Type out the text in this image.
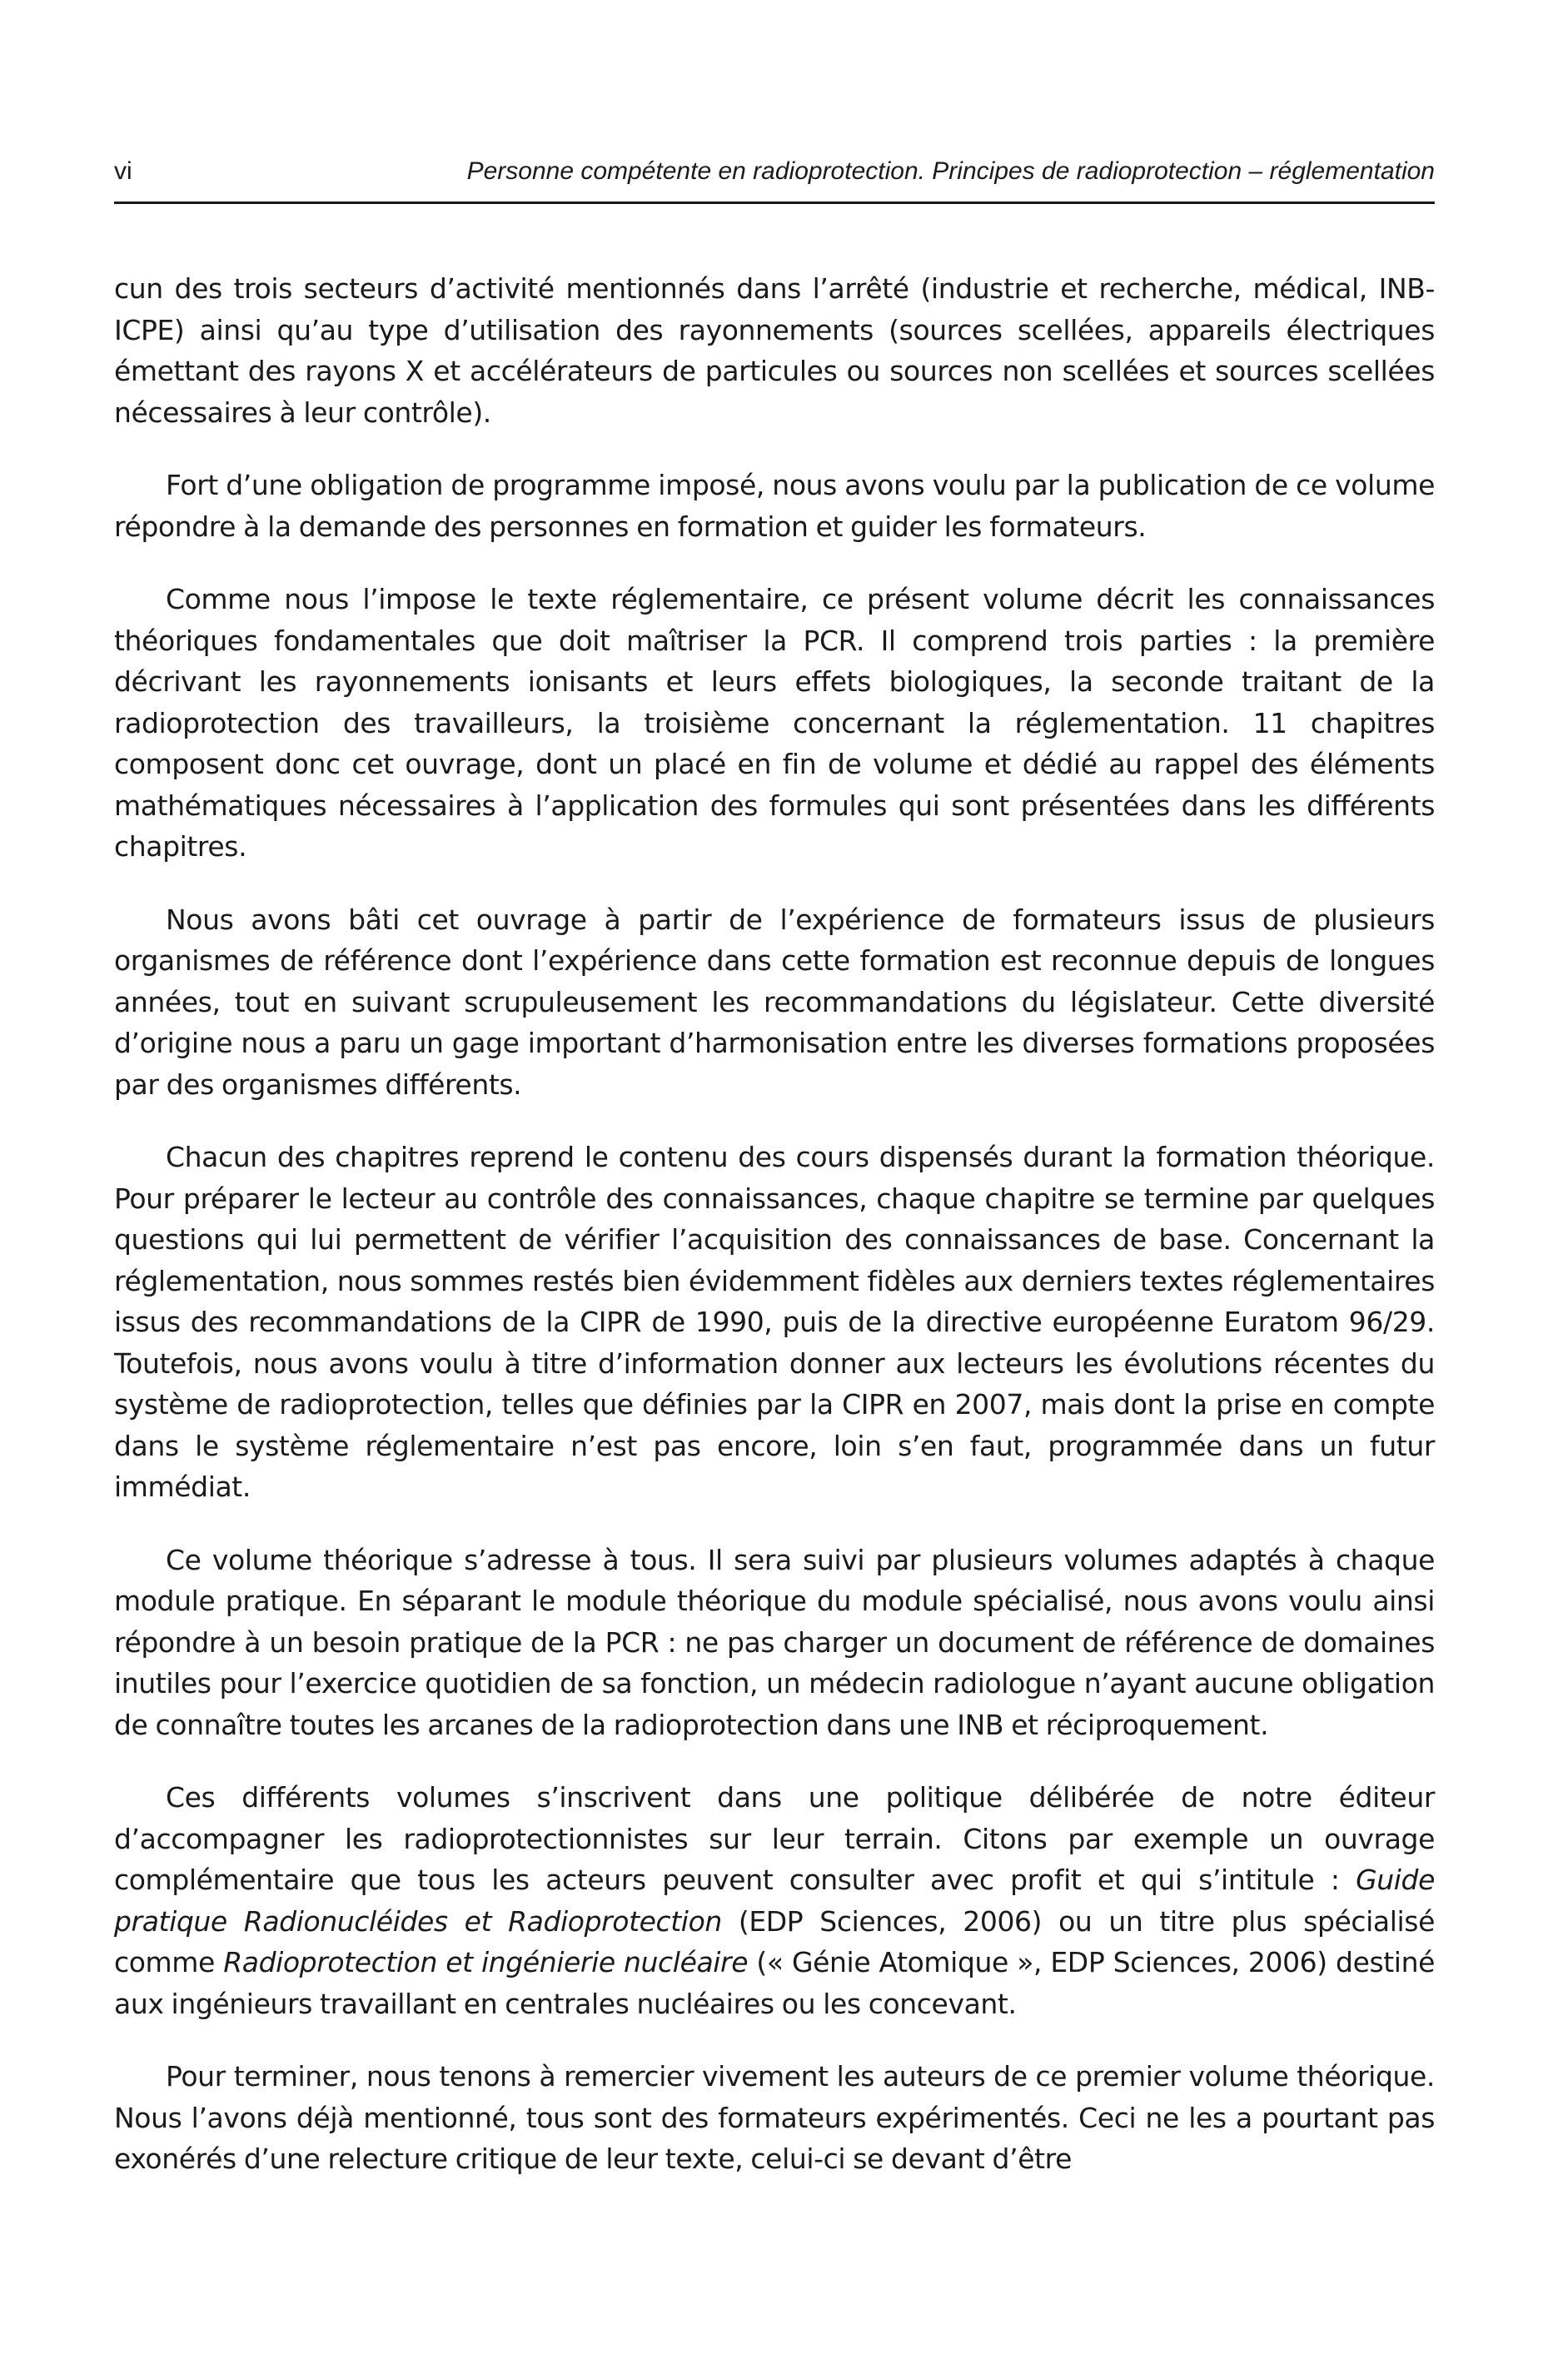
vi	Personne compétente en radioprotection. Principes de radioprotection – réglementation

cun des trois secteurs d’activité mentionnés dans l’arrêté (industrie et recherche, médical, INB-ICPE) ainsi qu’au type d’utilisation des rayonnements (sources scellées, appareils électriques émettant des rayons X et accélérateurs de particules ou sources non scellées et sources scellées nécessaires à leur contrôle).

Fort d’une obligation de programme imposé, nous avons voulu par la publication de ce volume répondre à la demande des personnes en formation et guider les formateurs.

Comme nous l’impose le texte réglementaire, ce présent volume décrit les connaissances théoriques fondamentales que doit maîtriser la PCR. Il comprend trois parties : la première décrivant les rayonnements ionisants et leurs effets biologiques, la seconde traitant de la radioprotection des travailleurs, la troisième concernant la réglementation. 11 chapitres composent donc cet ouvrage, dont un placé en fin de volume et dédié au rappel des éléments mathématiques nécessaires à l’application des formules qui sont présentées dans les différents chapitres.

Nous avons bâti cet ouvrage à partir de l’expérience de formateurs issus de plusieurs organismes de référence dont l’expérience dans cette formation est reconnue depuis de longues années, tout en suivant scrupuleusement les recommandations du législateur. Cette diversité d’origine nous a paru un gage important d’harmonisation entre les diverses formations proposées par des organismes différents.

Chacun des chapitres reprend le contenu des cours dispensés durant la formation théorique. Pour préparer le lecteur au contrôle des connaissances, chaque chapitre se termine par quelques questions qui lui permettent de vérifier l’acquisition des connaissances de base. Concernant la réglementation, nous sommes restés bien évidemment fidèles aux derniers textes réglementaires issus des recommandations de la CIPR de 1990, puis de la directive européenne Euratom 96/29. Toutefois, nous avons voulu à titre d’information donner aux lecteurs les évolutions récentes du système de radioprotection, telles que définies par la CIPR en 2007, mais dont la prise en compte dans le système réglementaire n’est pas encore, loin s’en faut, programmée dans un futur immédiat.

Ce volume théorique s’adresse à tous. Il sera suivi par plusieurs volumes adaptés à chaque module pratique. En séparant le module théorique du module spécialisé, nous avons voulu ainsi répondre à un besoin pratique de la PCR : ne pas charger un document de référence de domaines inutiles pour l’exercice quotidien de sa fonction, un médecin radiologue n’ayant aucune obligation de connaître toutes les arcanes de la radioprotection dans une INB et réciproquement.

Ces différents volumes s’inscrivent dans une politique délibérée de notre éditeur d’accompagner les radioprotectionnistes sur leur terrain. Citons par exemple un ouvrage complémentaire que tous les acteurs peuvent consulter avec profit et qui s’intitule : Guide pratique Radionucléides et Radioprotection (EDP Sciences, 2006) ou un titre plus spécialisé comme Radioprotection et ingénierie nucléaire (« Génie Atomique », EDP Sciences, 2006) destiné aux ingénieurs travaillant en centrales nucléaires ou les concevant.

Pour terminer, nous tenons à remercier vivement les auteurs de ce premier volume théorique. Nous l’avons déjà mentionné, tous sont des formateurs expérimentés. Ceci ne les a pourtant pas exonérés d’une relecture critique de leur texte, celui-ci se devant d’être
